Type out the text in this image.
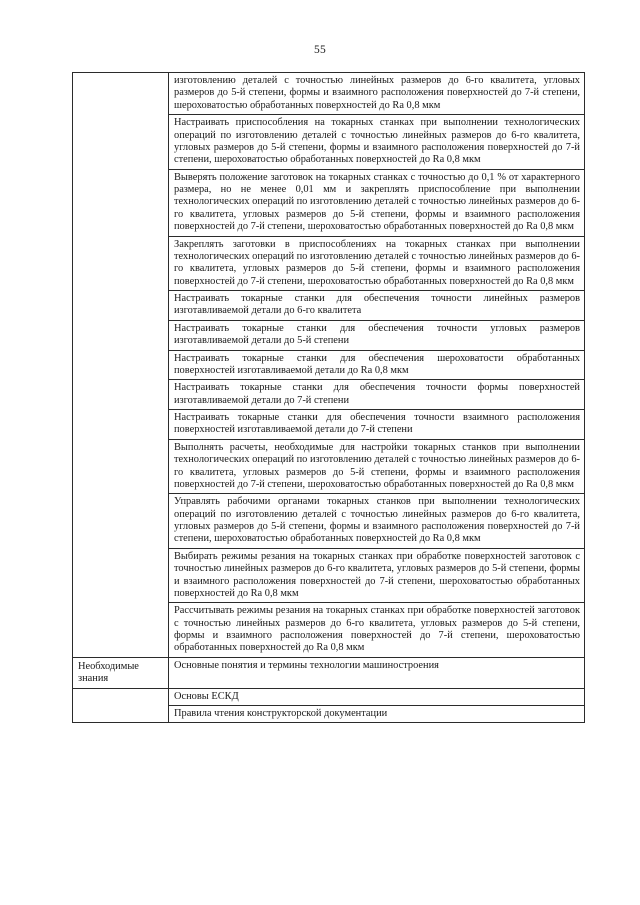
55
	изготовлению деталей с точностью линейных размеров до 6-го квалитета, угловых размеров до 5-й степени, формы и взаимного расположения поверхностей до 7-й степени, шероховатостью обработанных поверхностей до Ra 0,8 мкм
	Настраивать приспособления на токарных станках при выполнении технологических операций по изготовлению деталей с точностью линейных размеров до 6-го квалитета, угловых размеров до 5-й степени, формы и взаимного расположения поверхностей до 7-й степени, шероховатостью обработанных поверхностей до Ra 0,8 мкм
	Выверять положение заготовок на токарных станках с точностью до 0,1 % от характерного размера, но не менее 0,01 мм и закреплять приспособление при выполнении технологических операций по изготовлению деталей с точностью линейных размеров до 6-го квалитета, угловых размеров до 5-й степени, формы и взаимного расположения поверхностей до 7-й степени, шероховатостью обработанных поверхностей до Ra 0,8 мкм
	Закреплять заготовки в приспособлениях на токарных станках при выполнении технологических операций по изготовлению деталей с точностью линейных размеров до 6-го квалитета, угловых размеров до 5-й степени, формы и взаимного расположения поверхностей до 7-й степени, шероховатостью обработанных поверхностей до Ra 0,8 мкм
	Настраивать токарные станки для обеспечения точности линейных размеров изготавливаемой детали до 6-го квалитета
	Настраивать токарные станки для обеспечения точности угловых размеров изготавливаемой детали до 5-й степени
	Настраивать токарные станки для обеспечения шероховатости обработанных поверхностей изготавливаемой детали до Ra 0,8 мкм
	Настраивать токарные станки для обеспечения точности формы поверхностей изготавливаемой детали до 7-й степени
	Настраивать токарные станки для обеспечения точности взаимного расположения поверхностей изготавливаемой детали до 7-й степени
	Выполнять расчеты, необходимые для настройки токарных станков при выполнении технологических операций по изготовлению деталей с точностью линейных размеров до 6-го квалитета, угловых размеров до 5-й степени, формы и взаимного расположения поверхностей до 7-й степени, шероховатостью обработанных поверхностей до Ra 0,8 мкм
	Управлять рабочими органами токарных станков при выполнении технологических операций по изготовлению деталей с точностью линейных размеров до 6-го квалитета, угловых размеров до 5-й степени, формы и взаимного расположения поверхностей до 7-й степени, шероховатостью обработанных поверхностей до Ra 0,8 мкм
	Выбирать режимы резания на токарных станках при обработке поверхностей заготовок с точностью линейных размеров до 6-го квалитета, угловых размеров до 5-й степени, формы и взаимного расположения поверхностей до 7-й степени, шероховатостью обработанных поверхностей до Ra 0,8 мкм
	Рассчитывать режимы резания на токарных станках при обработке поверхностей заготовок с точностью линейных размеров до 6-го квалитета, угловых размеров до 5-й степени, формы и взаимного расположения поверхностей до 7-й степени, шероховатостью обработанных поверхностей до Ra 0,8 мкм

Необходимые
знания	Основные понятия и термины технологии машиностроения
	Основы ЕСКД
	Правила чтения конструкторской документации
